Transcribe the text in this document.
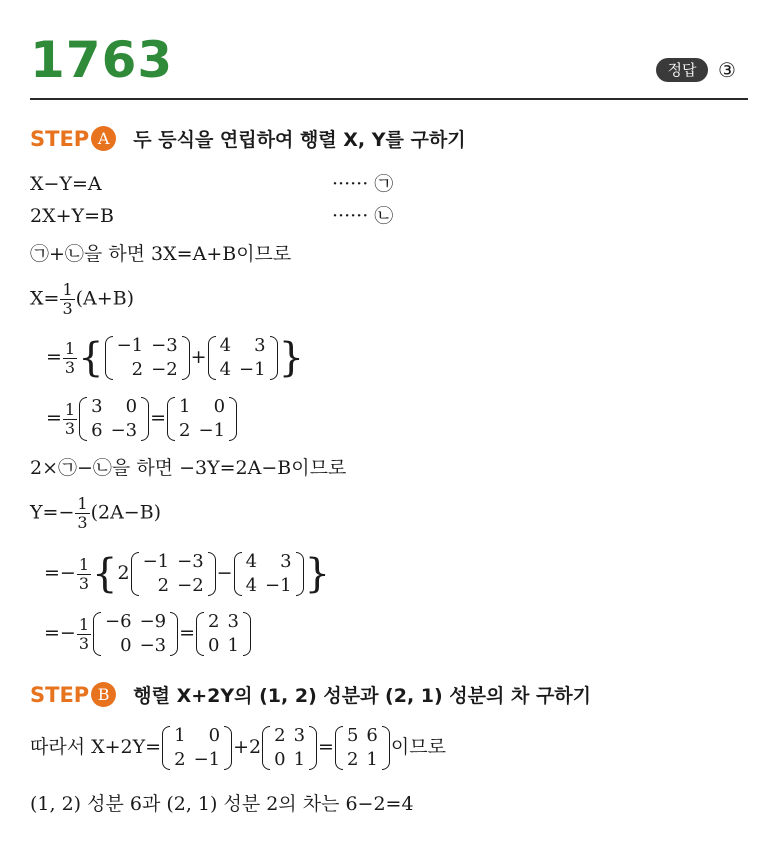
1763	정답	③
STEP A 두 등식을 연립하여 행렬 X, Y를 구하기
X−Y=A	······ ㉠
2X+Y=B	······ ㉡
㉠+㉡을 하면 3X=A+B이므로
$X= \frac{1}{3} (A+B)$
= $\frac{1}{3}$ { −1	−3
2	−2
+
4	3
4	−1 }
= $\frac{1}{3} 3$	0
6	−3
=
1	0
2	−1
2×㉠−㉡을 하면 −3Y=2A−B이므로
$Y=- \frac{1}{3} (2A-B)$
=− $\frac{1}{3} \{2$
−1	−3
2	−2
−
4	3
4	−1 }
=− $\frac{1}{3} -6$	−9
0	−3
=
2	3
0	1
STEP B 행렬 X+2Y의 (1, 2) 성분과 (2, 1) 성분의 차 구하기
따라서 X+2Y=
1	0
2	−1
+2
2	3
0	1
=
5	6
2	1
이므로
(1, 2) 성분 6과 (2, 1) 성분 2의 차는 6−2=4
